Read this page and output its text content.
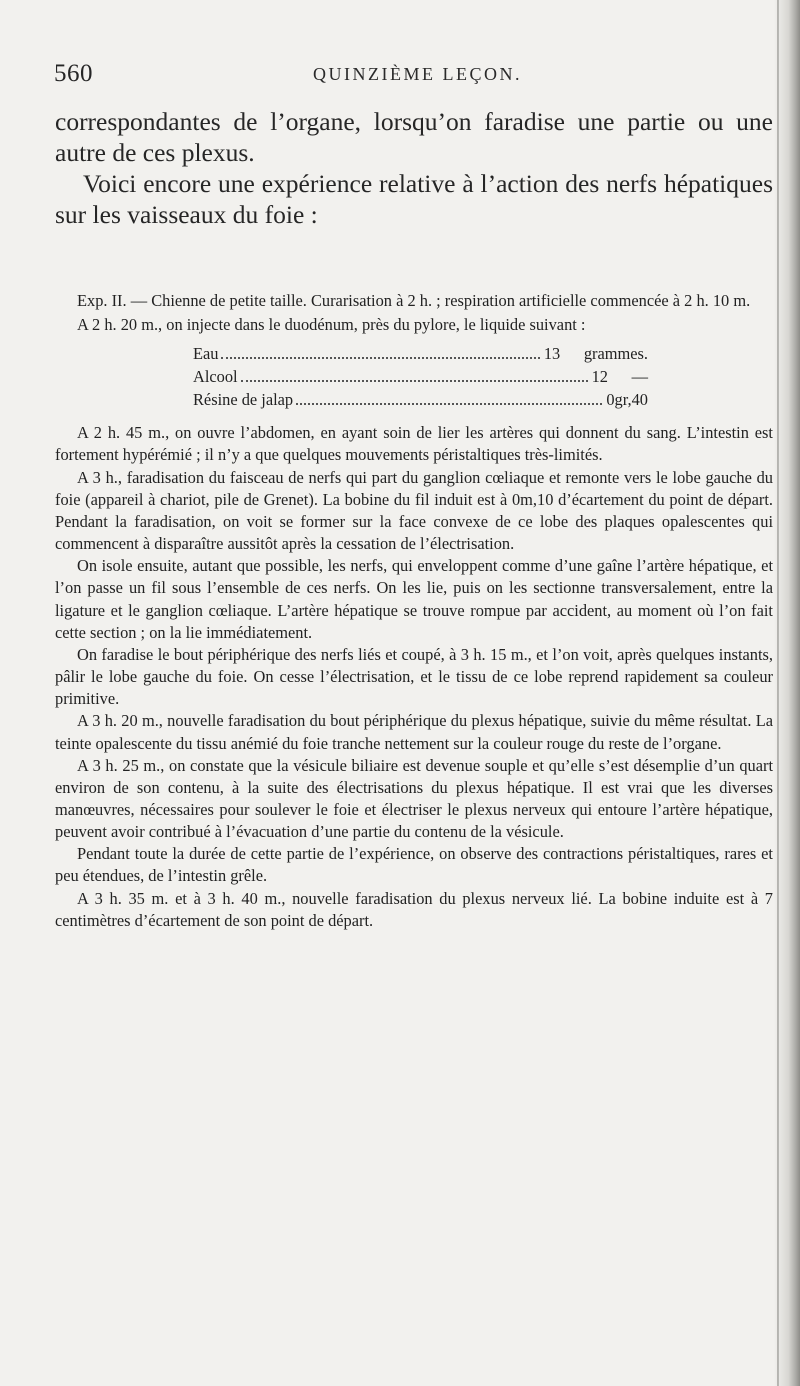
560	QUINZIÈME LEÇON.

correspondantes de l’organe, lorsqu’on faradise une partie ou une autre de ces plexus.

Voici encore une expérience relative à l’action des nerfs hépatiques sur les vaisseaux du foie :

Exp. II. — Chienne de petite taille. Curarisation à 2 h. ; respiration artificielle commencée à 2 h. 10 m.

A 2 h. 20 m., on injecte dans le duodénum, près du pylore, le liquide suivant :

Eau	13	grammes.
Alcool	12	—
Résine de jalap	0gr,40

A 2 h. 45 m., on ouvre l’abdomen, en ayant soin de lier les artères qui donnent du sang. L’intestin est fortement hypérémié ; il n’y a que quelques mouvements péristaltiques très-limités.

A 3 h., faradisation du faisceau de nerfs qui part du ganglion cœliaque et remonte vers le lobe gauche du foie (appareil à chariot, pile de Grenet). La bobine du fil induit est à 0m,10 d’écartement du point de départ. Pendant la faradisation, on voit se former sur la face convexe de ce lobe des plaques opalescentes qui commencent à disparaître aussitôt après la cessation de l’électrisation.

On isole ensuite, autant que possible, les nerfs, qui enveloppent comme d’une gaîne l’artère hépatique, et l’on passe un fil sous l’ensemble de ces nerfs. On les lie, puis on les sectionne transversalement, entre la ligature et le ganglion cœliaque. L’artère hépatique se trouve rompue par accident, au moment où l’on fait cette section ; on la lie immédiatement.

On faradise le bout périphérique des nerfs liés et coupé, à 3 h. 15 m., et l’on voit, après quelques instants, pâlir le lobe gauche du foie. On cesse l’électrisation, et le tissu de ce lobe reprend rapidement sa couleur primitive.

A 3 h. 20 m., nouvelle faradisation du bout périphérique du plexus hépatique, suivie du même résultat. La teinte opalescente du tissu anémié du foie tranche nettement sur la couleur rouge du reste de l’organe.

A 3 h. 25 m., on constate que la vésicule biliaire est devenue souple et qu’elle s’est désemplie d’un quart environ de son contenu, à la suite des électrisations du plexus hépatique. Il est vrai que les diverses manœuvres, nécessaires pour soulever le foie et électriser le plexus nerveux qui entoure l’artère hépatique, peuvent avoir contribué à l’évacuation d’une partie du contenu de la vésicule.

Pendant toute la durée de cette partie de l’expérience, on observe des contractions péristaltiques, rares et peu étendues, de l’intestin grêle.

A 3 h. 35 m. et à 3 h. 40 m., nouvelle faradisation du plexus nerveux lié. La bobine induite est à 7 centimètres d’écartement de son point de départ.
